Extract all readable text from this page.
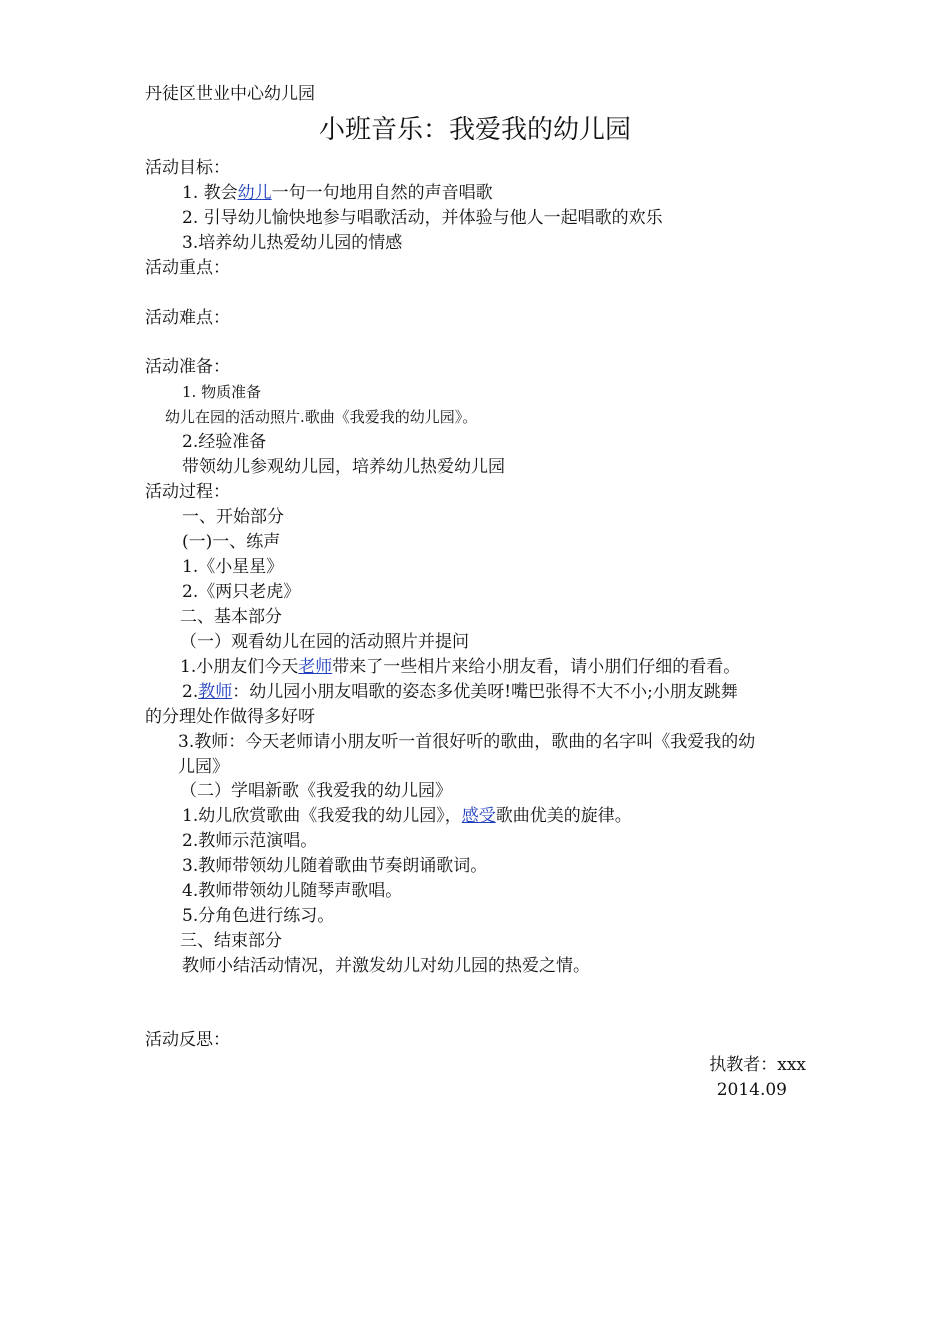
丹徒区世业中心幼儿园
小班音乐：我爱我的幼儿园
活动目标：
1. 教会幼儿一句一句地用自然的声音唱歌
2. 引导幼儿愉快地参与唱歌活动，并体验与他人一起唱歌的欢乐
3.培养幼儿热爱幼儿园的情感
活动重点：
活动难点：
活动准备：
1. 物质准备
幼儿在园的活动照片.歌曲《我爱我的幼儿园》。
2.经验准备
带领幼儿参观幼儿园，培养幼儿热爱幼儿园
活动过程：
一、开始部分
(一)一、练声
1.《小星星》
2.《两只老虎》
二、基本部分
（一）观看幼儿在园的活动照片并提问
1.小朋友们今天老师带来了一些相片来给小朋友看，请小朋们仔细的看看。
2.教师：幼儿园小朋友唱歌的姿态多优美呀!嘴巴张得不大不小;小朋友跳舞
的分理处作做得多好呀
3.教师：今天老师请小朋友听一首很好听的歌曲，歌曲的名字叫《我爱我的幼
儿园》
（二）学唱新歌《我爱我的幼儿园》
1.幼儿欣赏歌曲《我爱我的幼儿园》，感受歌曲优美的旋律。
2.教师示范演唱。
3.教师带领幼儿随着歌曲节奏朗诵歌词。
4.教师带领幼儿随琴声歌唱。
5.分角色进行练习。
三、结束部分
教师小结活动情况，并激发幼儿对幼儿园的热爱之情。
活动反思：
执教者：xxx
2014.09
